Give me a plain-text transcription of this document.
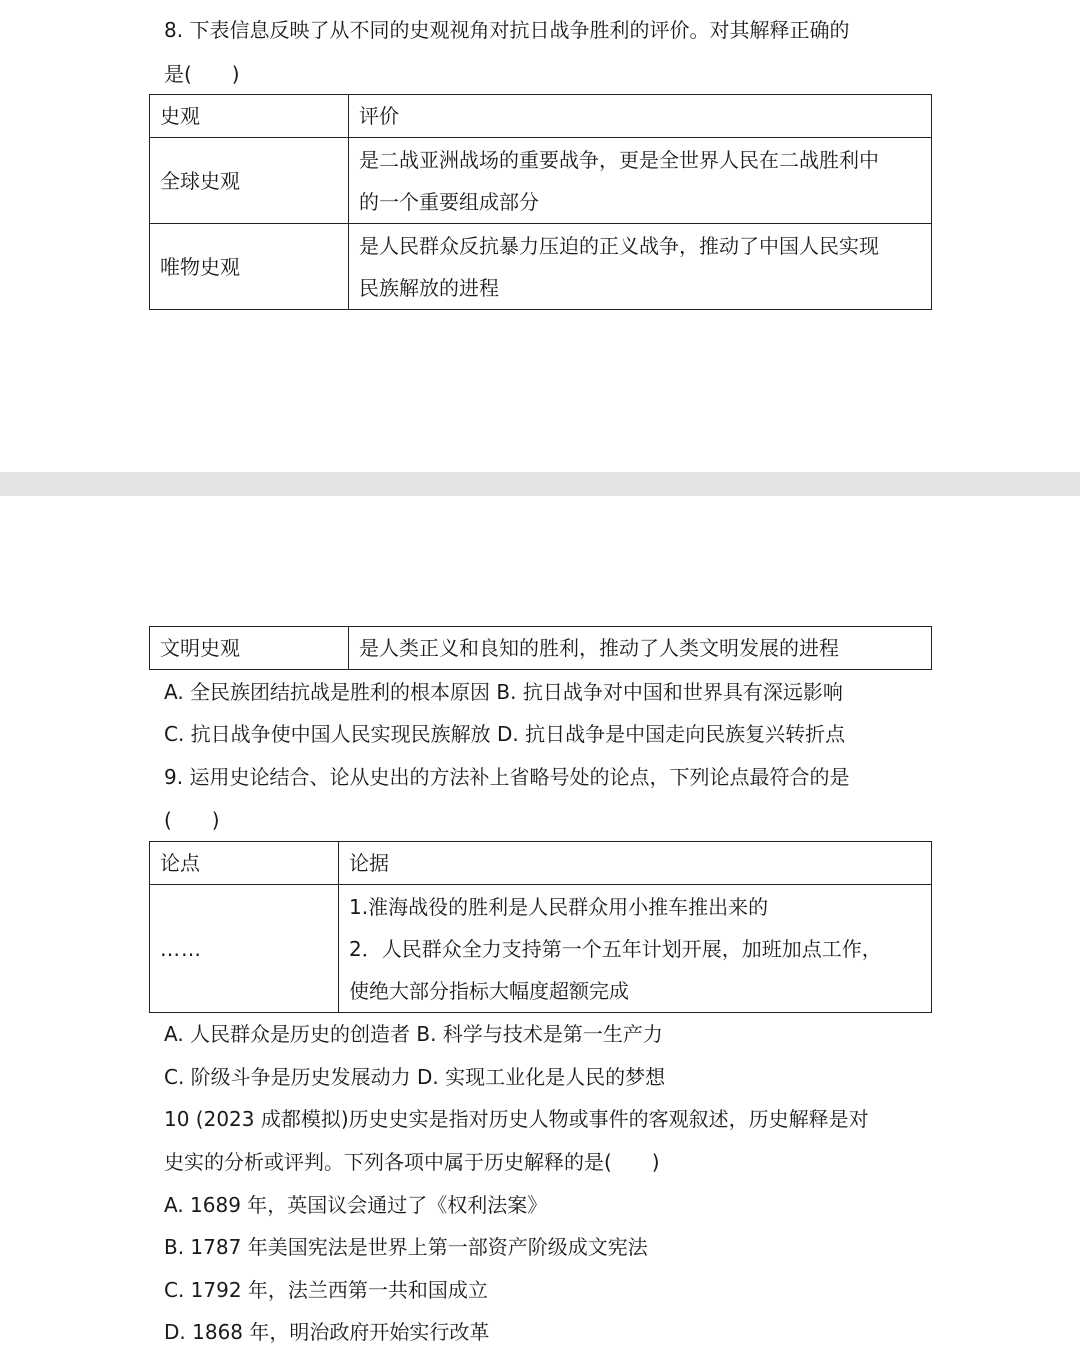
8. 下表信息反映了从不同的史观视角对抗日战争胜利的评价。对其解释正确的
是(　　)
史观	评价
全球史观	是二战亚洲战场的重要战争，更是全世界人民在二战胜利中
的一个重要组成部分

唯物史观	是人民群众反抗暴力压迫的正义战争，推动了中国人民实现
民族解放的进程
文明史观	是人类正义和良知的胜利，推动了人类文明发展的进程
A. 全民族团结抗战是胜利的根本原因 B. 抗日战争对中国和世界具有深远影响
C. 抗日战争使中国人民实现民族解放 D. 抗日战争是中国走向民族复兴转折点
9. 运用史论结合、论从史出的方法补上省略号处的论点，下列论点最符合的是
(　　)
论点	论据
……	1.淮海战役的胜利是人民群众用小推车推出来的
2．人民群众全力支持第一个五年计划开展，加班加点工作，
使绝大部分指标大幅度超额完成
A. 人民群众是历史的创造者 B. 科学与技术是第一生产力
C. 阶级斗争是历史发展动力 D. 实现工业化是人民的梦想
10 (2023 成都模拟)历史史实是指对历史人物或事件的客观叙述，历史解释是对
史实的分析或评判。下列各项中属于历史解释的是(　　)
A. 1689 年，英国议会通过了《权利法案》
B. 1787 年美国宪法是世界上第一部资产阶级成文宪法
C. 1792 年，法兰西第一共和国成立
D. 1868 年，明治政府开始实行改革
